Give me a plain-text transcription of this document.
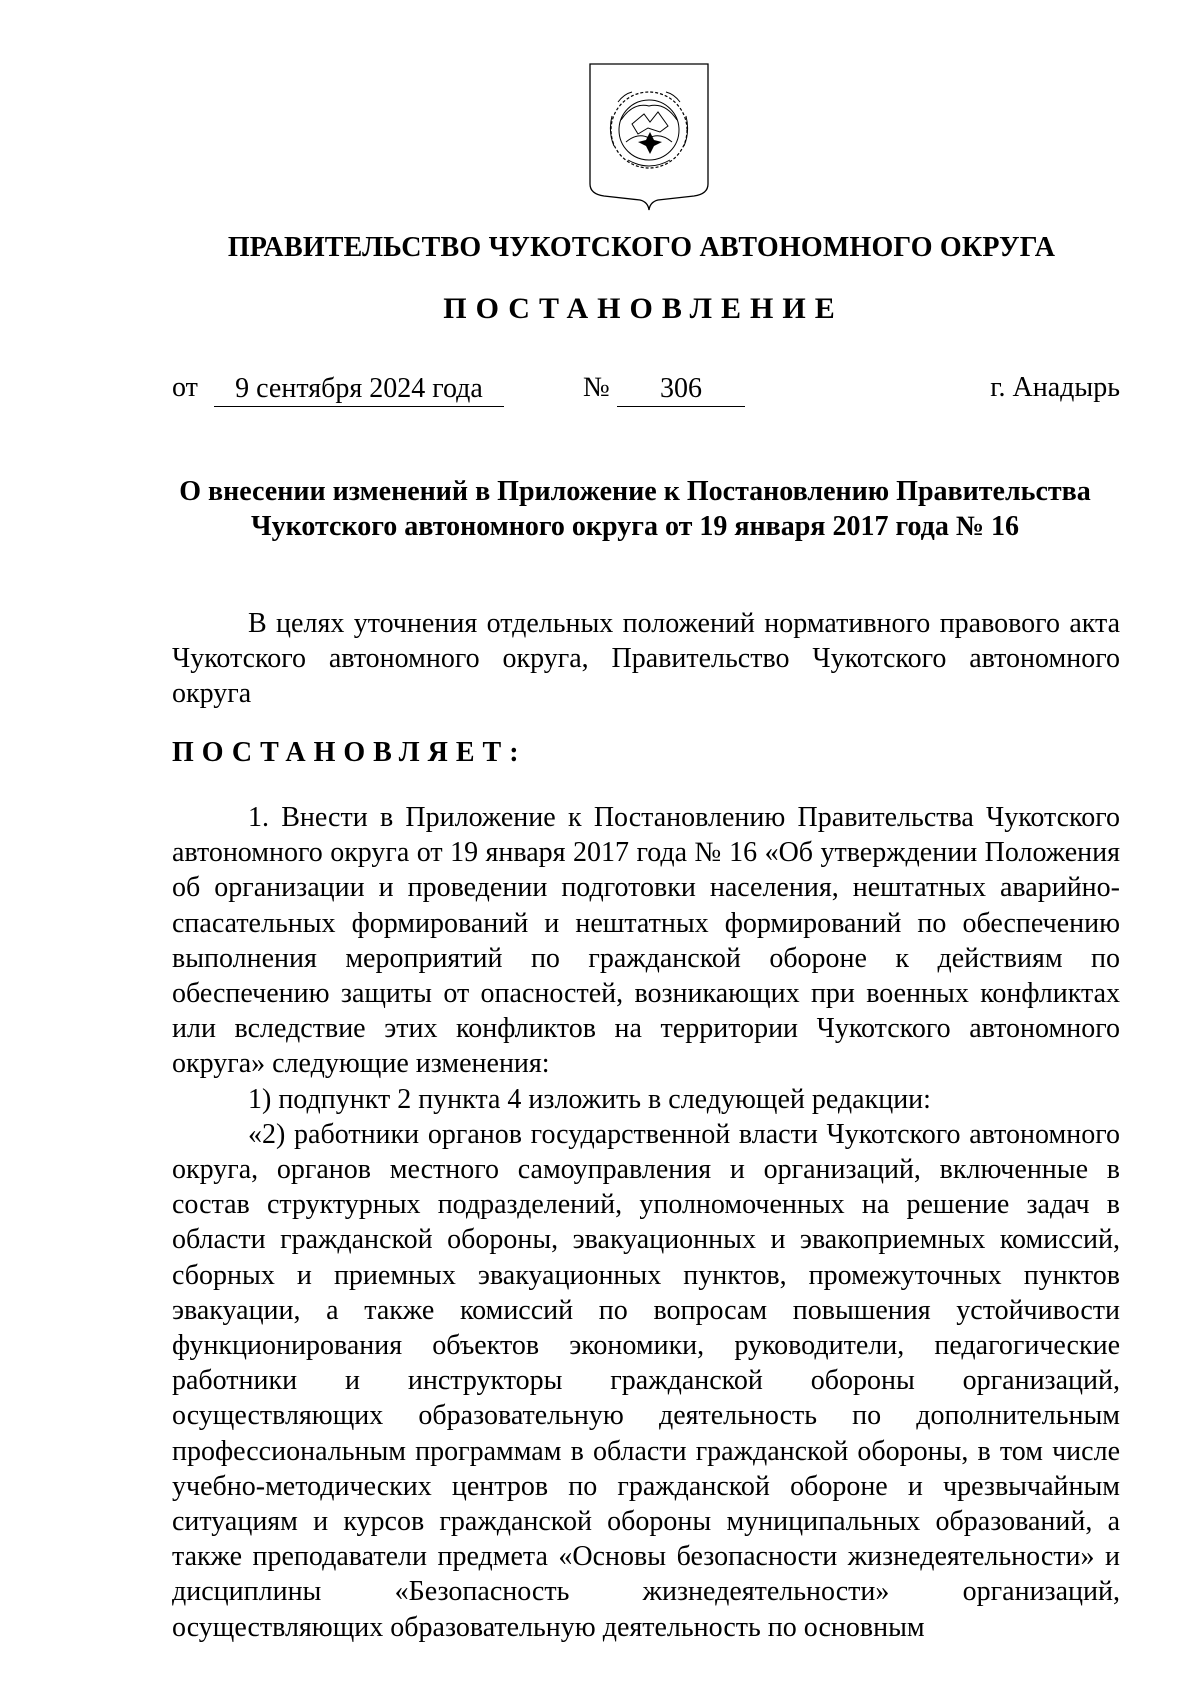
ПРАВИТЕЛЬСТВО ЧУКОТСКОГО АВТОНОМНОГО ОКРУГА
ПОСТАНОВЛЕНИЕ
от	9 сентября 2024 года	№	306	г. Анадырь
О внесении изменений в Приложение к Постановлению Правительства
Чукотского автономного округа от 19 января 2017 года № 16

В целях уточнения отдельных положений нормативного правового акта Чукотского автономного округа, Правительство Чукотского автономного округа

ПОСТАНОВЛЯЕТ:

1. Внести в Приложение к Постановлению Правительства Чукотского автономного округа от 19 января 2017 года № 16 «Об утверждении Положения об организации и проведении подготовки населения, нештатных аварийно-спасательных формирований и нештатных формирований по обеспечению выполнения мероприятий по гражданской обороне к действиям по обеспечению защиты от опасностей, возникающих при военных конфликтах или вследствие этих конфликтов на территории Чукотского автономного округа» следующие изменения:

1) подпункт 2 пункта 4 изложить в следующей редакции:

«2) работники органов государственной власти Чукотского автономного округа, органов местного самоуправления и организаций, включенные в состав структурных подразделений, уполномоченных на решение задач в области гражданской обороны, эвакуационных и эвакоприемных комиссий, сборных и приемных эвакуационных пунктов, промежуточных пунктов эвакуации, а также комиссий по вопросам повышения устойчивости функционирования объектов экономики, руководители, педагогические работники и инструкторы гражданской обороны организаций, осуществляющих образовательную деятельность по дополнительным профессиональным программам в области гражданской обороны, в том числе учебно-методических центров по гражданской обороне и чрезвычайным ситуациям и курсов гражданской обороны муниципальных образований, а также преподаватели предмета «Основы безопасности жизнедеятельности» и дисциплины «Безопасность жизнедеятельности» организаций, осуществляющих образовательную деятельность по основным
